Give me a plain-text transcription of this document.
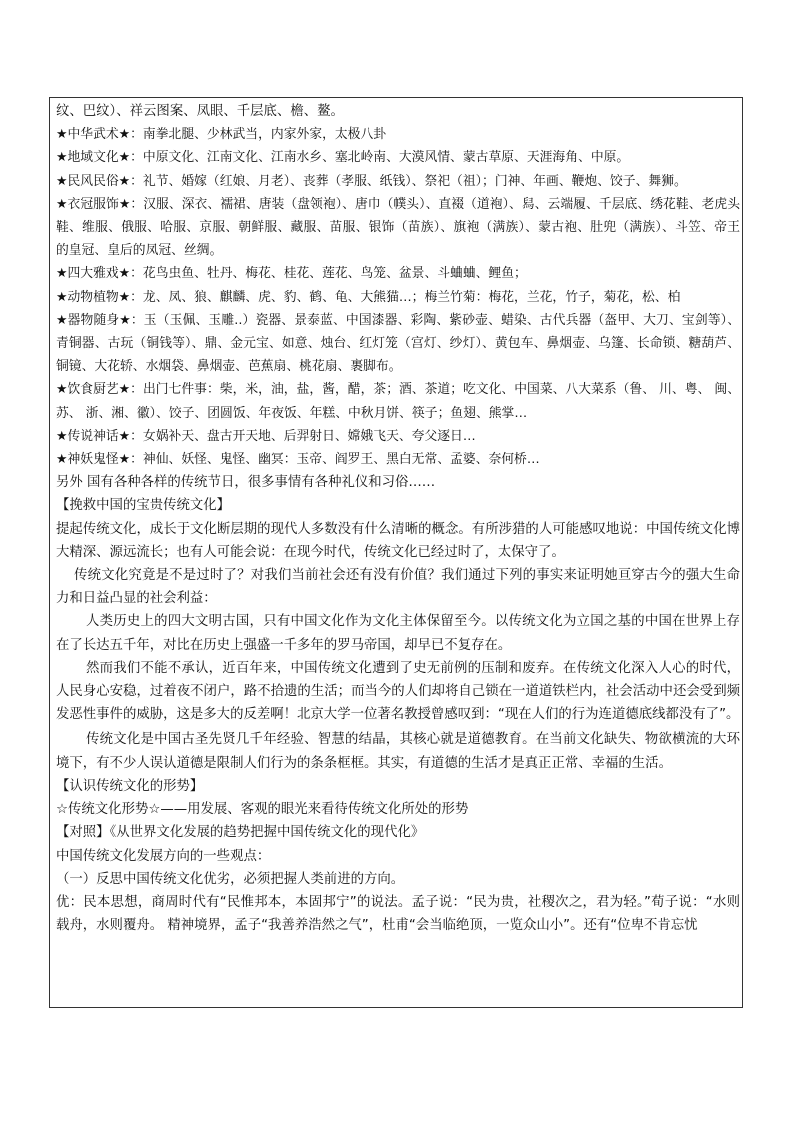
纹、巴纹）、祥云图案、凤眼、千层底、檐、鳌。

★中华武术★：南拳北腿、少林武当，内家外家，太极八卦

★地域文化★：中原文化、江南文化、江南水乡、塞北岭南、大漠风情、蒙古草原、天涯海角、中原。

★民风民俗★：礼节、婚嫁（红娘、月老）、丧葬（孝服、纸钱）、祭祀（祖）；门神、年画、鞭炮、饺子、舞狮。

★衣冠服饰★：汉服、深衣、襦裙、唐装（盘领袍）、唐巾（幞头）、直裰（道袍）、舄、云端履、千层底、绣花鞋、老虎头鞋、维服、俄服、哈服、京服、朝鲜服、藏服、苗服、银饰（苗族）、旗袍（满族）、蒙古袍、肚兜（满族）、斗笠、帝王的皇冠、皇后的凤冠、丝绸。

★四大雅戏★：花鸟虫鱼、牡丹、梅花、桂花、莲花、鸟笼、盆景、斗蛐蛐、鲤鱼；

★动物植物★：龙、凤、狼、麒麟、虎、豹、鹤、龟、大熊猫…；梅兰竹菊：梅花，兰花，竹子，菊花，松、柏

★器物随身★：玉（玉佩、玉雕..）瓷器、景泰蓝、中国漆器、彩陶、紫砂壶、蜡染、古代兵器（盔甲、大刀、宝剑等）、青铜器、古玩（铜钱等）、鼎、金元宝、如意、烛台、红灯笼（宫灯、纱灯）、黄包车、鼻烟壶、乌篷、长命锁、糖葫芦、铜镜、大花轿、水烟袋、鼻烟壶、芭蕉扇、桃花扇、裹脚布。

★饮食厨艺★：出门七件事：柴，米，油，盐，酱，醋，茶；酒、茶道；吃文化、中国菜、八大菜系（鲁、 川、粤、 闽、 苏、 浙、湘、徽）、饺子、团圆饭、年夜饭、年糕、中秋月饼、筷子；鱼翅、熊掌…

★传说神话★：女娲补天、盘古开天地、后羿射日、嫦娥飞天、夸父逐日…

★神妖鬼怪★：神仙、妖怪、鬼怪、幽冥：玉帝、阎罗王、黑白无常、孟婆、奈何桥…

另外 国有各种各样的传统节日，很多事情有各种礼仪和习俗……

【挽救中国的宝贵传统文化】

提起传统文化，成长于文化断层期的现代人多数没有什么清晰的概念。有所涉猎的人可能感叹地说：中国传统文化博大精深、源远流长；也有人可能会说：在现今时代，传统文化已经过时了，太保守了。

传统文化究竟是不是过时了？对我们当前社会还有没有价值？我们通过下列的事实来证明她亘穿古今的强大生命力和日益凸显的社会利益：

人类历史上的四大文明古国，只有中国文化作为文化主体保留至今。以传统文化为立国之基的中国在世界上存在了长达五千年，对比在历史上强盛一千多年的罗马帝国，却早已不复存在。

然而我们不能不承认，近百年来，中国传统文化遭到了史无前例的压制和废弃。在传统文化深入人心的时代，人民身心安稳，过着夜不闭户，路不拾遗的生活；而当今的人们却将自己锁在一道道铁栏内，社会活动中还会受到频发恶性事件的威胁，这是多大的反差啊！北京大学一位著名教授曾感叹到：“现在人们的行为连道德底线都没有了”。

传统文化是中国古圣先贤几千年经验、智慧的结晶，其核心就是道德教育。在当前文化缺失、物欲横流的大环境下，有不少人误认道德是限制人们行为的条条框框。其实，有道德的生活才是真正正常、幸福的生活。

【认识传统文化的形势】

☆传统文化形势☆——用发展、客观的眼光来看待传统文化所处的形势

【对照】《从世界文化发展的趋势把握中国传统文化的现代化》

中国传统文化发展方向的一些观点：

（一）反思中国传统文化优劣，必须把握人类前进的方向。

优：民本思想，商周时代有“民惟邦本，本固邦宁”的说法。孟子说：“民为贵，社稷次之，君为轻。”荀子说：“水则载舟，水则覆舟。 精神境界，孟子“我善养浩然之气”，杜甫“会当临绝顶，一览众山小”。还有“位卑不肯忘忧
